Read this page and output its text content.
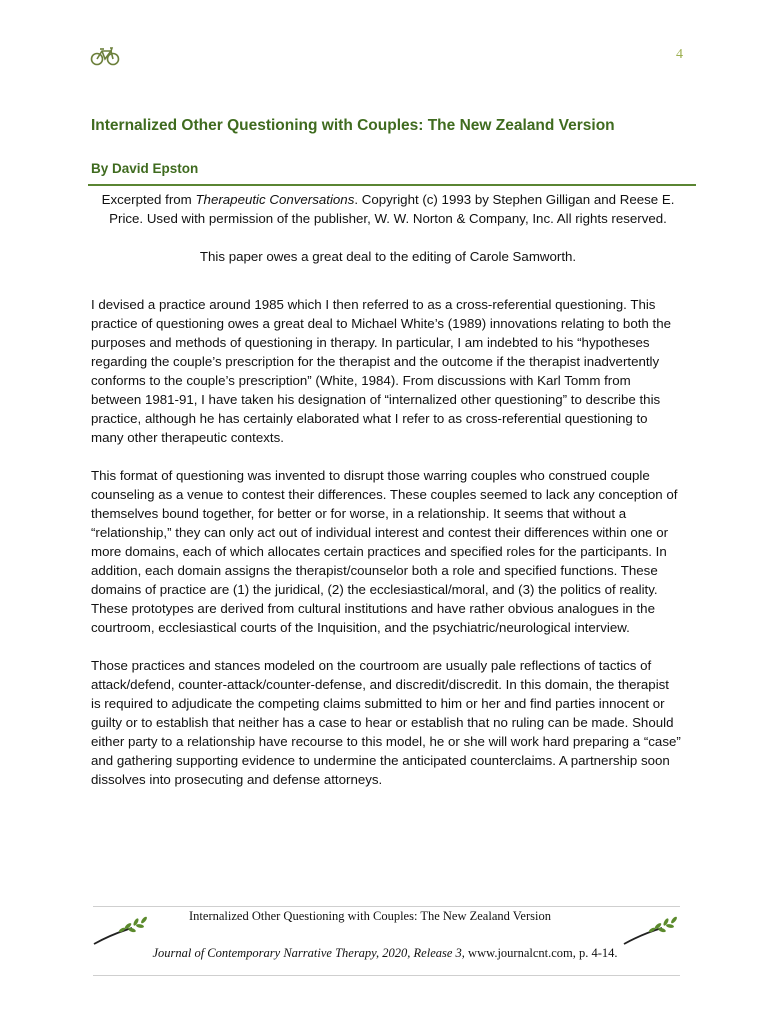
4
Internalized Other Questioning with Couples: The New Zealand Version
By David Epston
Excerpted from Therapeutic Conversations. Copyright (c) 1993 by Stephen Gilligan and Reese E. Price. Used with permission of the publisher, W. W. Norton & Company, Inc. All rights reserved.
This paper owes a great deal to the editing of Carole Samworth.

I devised a practice around 1985 which I then referred to as a cross-referential questioning. This practice of questioning owes a great deal to Michael White’s (1989) innovations relating to both the purposes and methods of questioning in therapy. In particular, I am indebted to his “hypotheses regarding the couple’s prescription for the therapist and the outcome if the therapist inadvertently conforms to the couple’s prescription” (White, 1984). From discussions with Karl Tomm from between 1981-91, I have taken his designation of “internalized other questioning” to describe this practice, although he has certainly elaborated what I refer to as cross-referential questioning to many other therapeutic contexts.

This format of questioning was invented to disrupt those warring couples who construed couple counseling as a venue to contest their differences. These couples seemed to lack any conception of themselves bound together, for better or for worse, in a relationship. It seems that without a “relationship,” they can only act out of individual interest and contest their differences within one or more domains, each of which allocates certain practices and specified roles for the participants. In addition, each domain assigns the therapist/counselor both a role and specified functions. These domains of practice are (1) the juridical, (2) the ecclesiastical/moral, and (3) the politics of reality. These prototypes are derived from cultural institutions and have rather obvious analogues in the courtroom, ecclesiastical courts of the Inquisition, and the psychiatric/neurological interview.

Those practices and stances modeled on the courtroom are usually pale reflections of tactics of attack/defend, counter-attack/counter-defense, and discredit/discredit. In this domain, the therapist is required to adjudicate the competing claims submitted to him or her and find parties innocent or guilty or to establish that neither has a case to hear or establish that no ruling can be made. Should either party to a relationship have recourse to this model, he or she will work hard preparing a “case” and gathering supporting evidence to undermine the anticipated counterclaims. A partnership soon dissolves into prosecuting and defense attorneys.

Internalized Other Questioning with Couples: The New Zealand Version
Journal of Contemporary Narrative Therapy, 2020, Release 3, www.journalcnt.com, p. 4-14.
